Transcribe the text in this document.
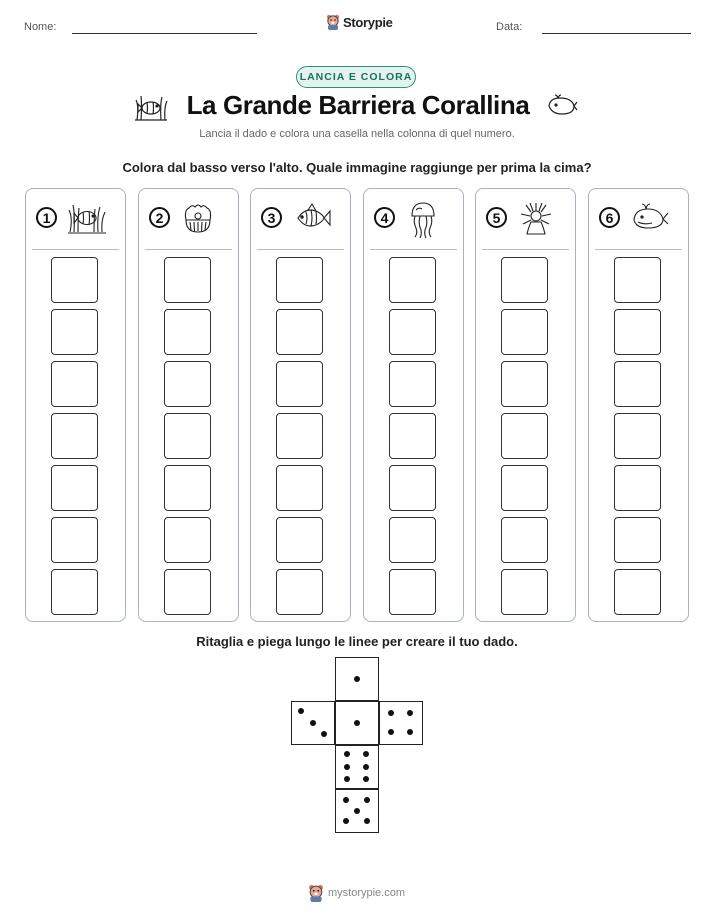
Nome:	Storypie	Data:
LANCIA E COLORA
La Grande Barriera Corallina
Lancia il dado e colora una casella nella colonna di quel numero.
Colora dal basso verso l'alto. Quale immagine raggiunge per prima la cima?
1	2	3	4	5	6
Ritaglia e piega lungo le linee per creare il tuo dado.
mystorypie.com
